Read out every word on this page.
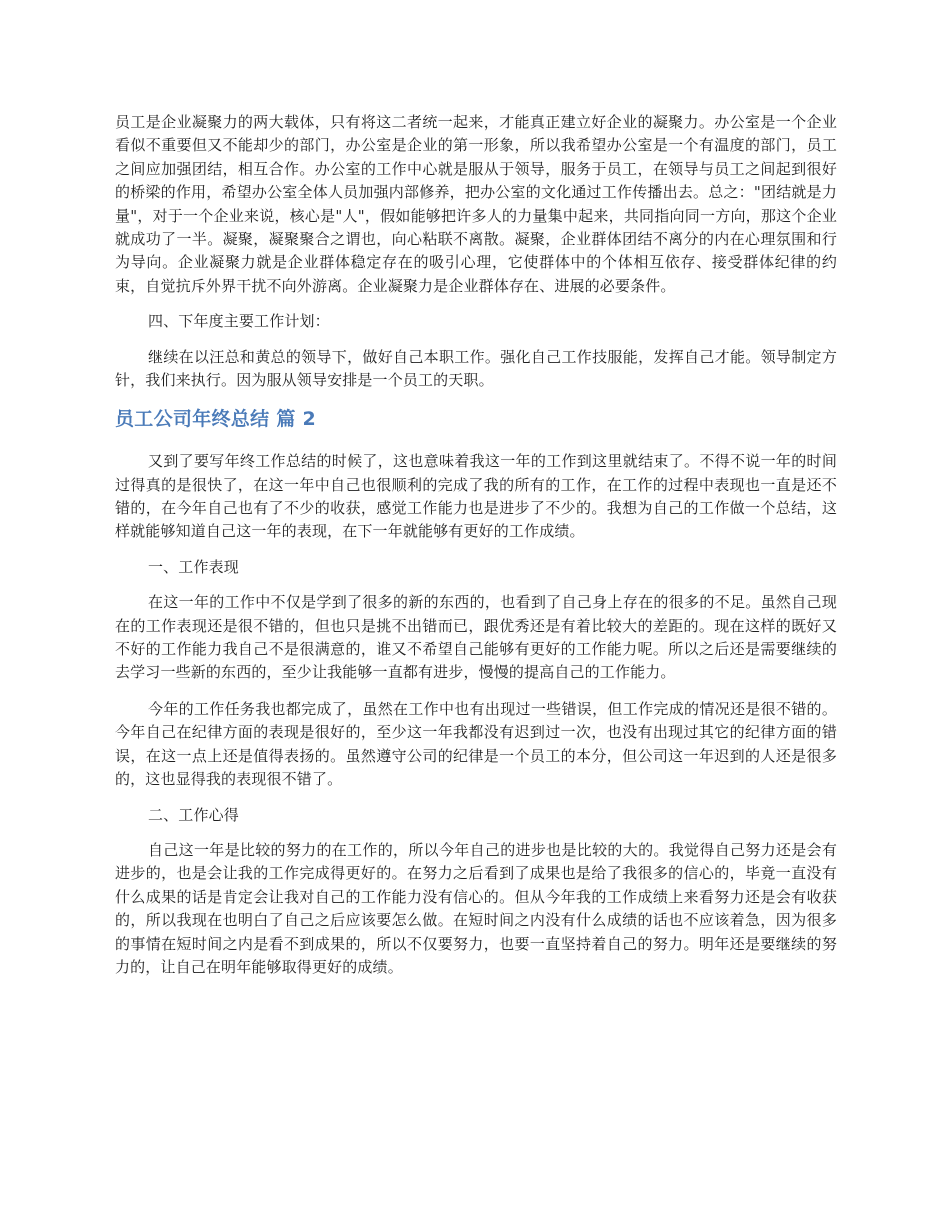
员工是企业凝聚力的两大载体，只有将这二者统一起来，才能真正建立好企业的凝聚力。办公室是一个企业看似不重要但又不能却少的部门，办公室是企业的第一形象，所以我希望办公室是一个有温度的部门，员工之间应加强团结，相互合作。办公室的工作中心就是服从于领导，服务于员工，在领导与员工之间起到很好的桥梁的作用，希望办公室全体人员加强内部修养，把办公室的文化通过工作传播出去。总之："团结就是力量"，对于一个企业来说，核心是"人"，假如能够把许多人的力量集中起来，共同指向同一方向，那这个企业就成功了一半。凝聚，凝聚聚合之谓也，向心粘联不离散。凝聚，企业群体团结不离分的内在心理氛围和行为导向。企业凝聚力就是企业群体稳定存在的吸引心理，它使群体中的个体相互依存、接受群体纪律的约束，自觉抗斥外界干扰不向外游离。企业凝聚力是企业群体存在、进展的必要条件。

四、下年度主要工作计划：

继续在以汪总和黄总的领导下，做好自己本职工作。强化自己工作技服能，发挥自己才能。领导制定方针，我们来执行。因为服从领导安排是一个员工的天职。

员工公司年终总结 篇 2

又到了要写年终工作总结的时候了，这也意味着我这一年的工作到这里就结束了。不得不说一年的时间过得真的是很快了，在这一年中自己也很顺利的完成了我的所有的工作，在工作的过程中表现也一直是还不错的，在今年自己也有了不少的收获，感觉工作能力也是进步了不少的。我想为自己的工作做一个总结，这样就能够知道自己这一年的表现，在下一年就能够有更好的工作成绩。

一、工作表现

在这一年的工作中不仅是学到了很多的新的东西的，也看到了自己身上存在的很多的不足。虽然自己现在的工作表现还是很不错的，但也只是挑不出错而已，跟优秀还是有着比较大的差距的。现在这样的既好又不好的工作能力我自己不是很满意的，谁又不希望自己能够有更好的工作能力呢。所以之后还是需要继续的去学习一些新的东西的，至少让我能够一直都有进步，慢慢的提高自己的工作能力。

今年的工作任务我也都完成了，虽然在工作中也有出现过一些错误，但工作完成的情况还是很不错的。今年自己在纪律方面的表现是很好的，至少这一年我都没有迟到过一次，也没有出现过其它的纪律方面的错误，在这一点上还是值得表扬的。虽然遵守公司的纪律是一个员工的本分，但公司这一年迟到的人还是很多的，这也显得我的表现很不错了。

二、工作心得

自己这一年是比较的努力的在工作的，所以今年自己的进步也是比较的大的。我觉得自己努力还是会有进步的，也是会让我的工作完成得更好的。在努力之后看到了成果也是给了我很多的信心的，毕竟一直没有什么成果的话是肯定会让我对自己的工作能力没有信心的。但从今年我的工作成绩上来看努力还是会有收获的，所以我现在也明白了自己之后应该要怎么做。在短时间之内没有什么成绩的话也不应该着急，因为很多的事情在短时间之内是看不到成果的，所以不仅要努力，也要一直坚持着自己的努力。明年还是要继续的努力的，让自己在明年能够取得更好的成绩。
